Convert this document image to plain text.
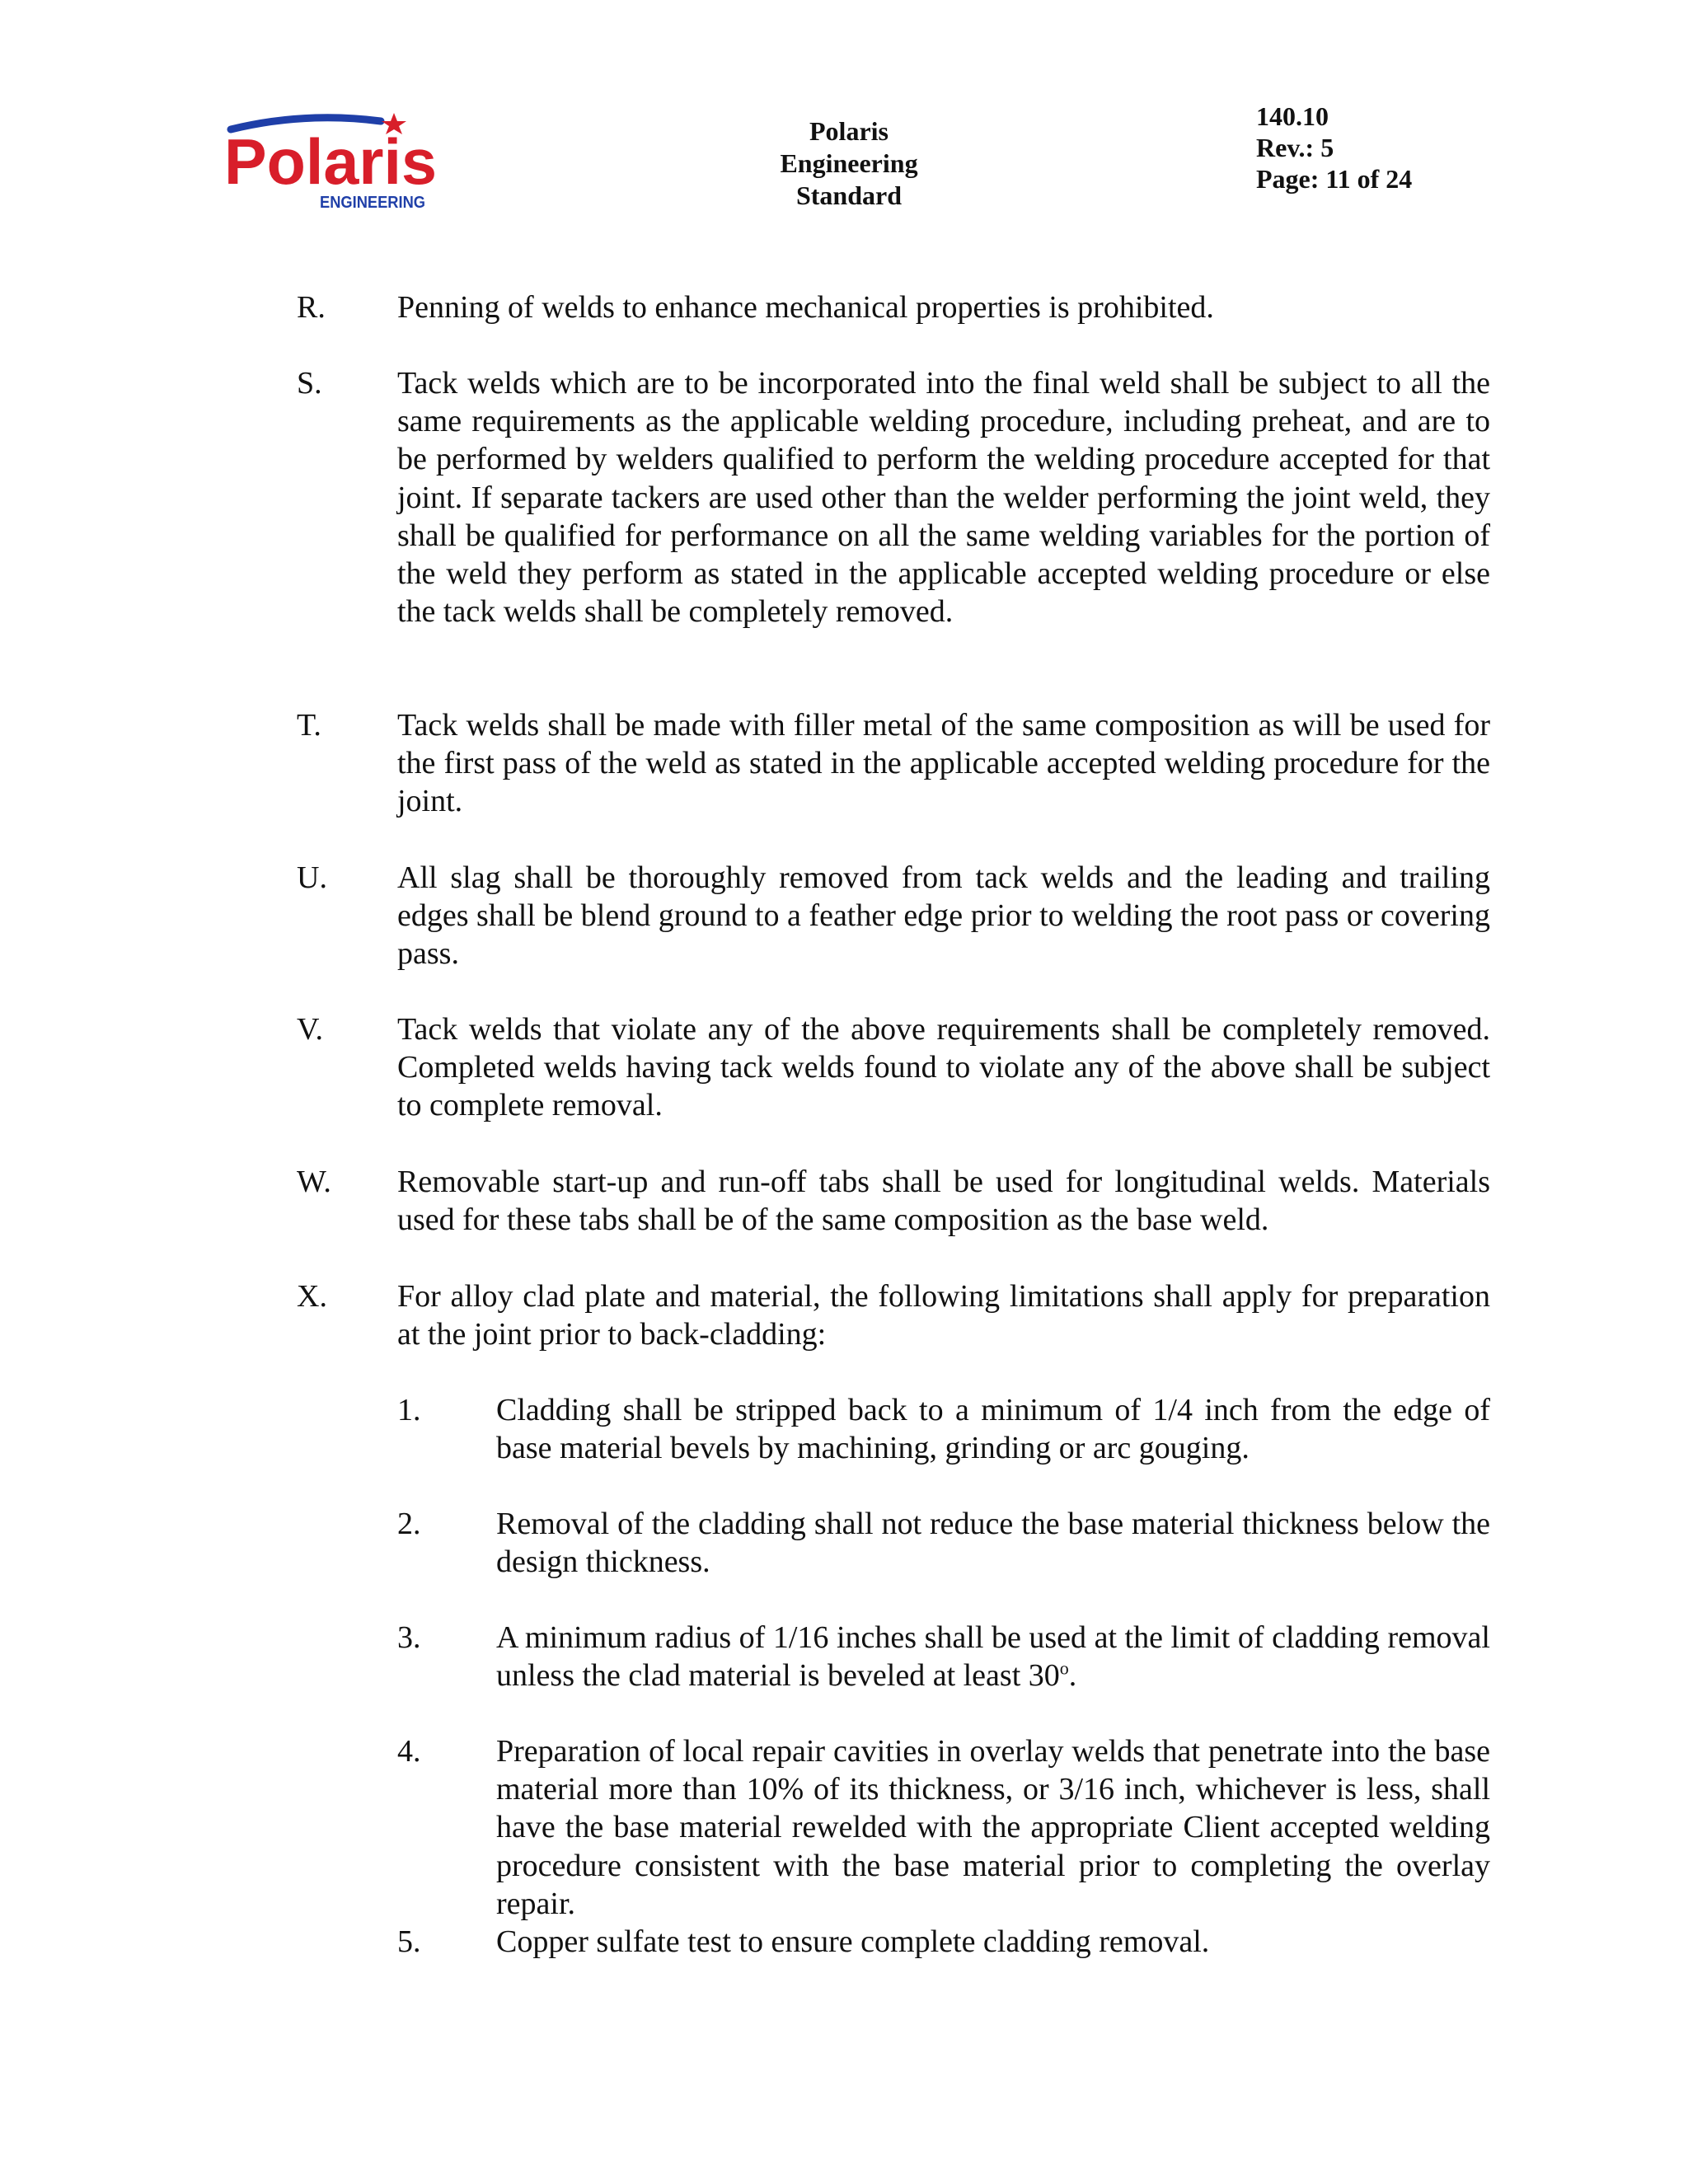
Polaris
ENGINEERING
Polaris
Engineering
Standard
140.10
Rev.: 5
Page: 11 of 24
R. Penning of welds to enhance mechanical properties is prohibited.
S. Tack welds which are to be incorporated into the final weld shall be subject to all the same requirements as the applicable welding procedure, including preheat, and are to be performed by welders qualified to perform the welding procedure accepted for that joint. If separate tackers are used other than the welder performing the joint weld, they shall be qualified for performance on all the same welding variables for the portion of the weld they perform as stated in the applicable accepted welding procedure or else the tack welds shall be completely removed.
T. Tack welds shall be made with filler metal of the same composition as will be used for the first pass of the weld as stated in the applicable accepted welding procedure for the joint.
U. All slag shall be thoroughly removed from tack welds and the leading and trailing edges shall be blend ground to a feather edge prior to welding the root pass or covering pass.
V. Tack welds that violate any of the above requirements shall be completely removed. Completed welds having tack welds found to violate any of the above shall be subject to complete removal.
W. Removable start-up and run-off tabs shall be used for longitudinal welds. Materials used for these tabs shall be of the same composition as the base weld.
X. For alloy clad plate and material, the following limitations shall apply for preparation at the joint prior to back-cladding:
1. Cladding shall be stripped back to a minimum of 1/4 inch from the edge of base material bevels by machining, grinding or arc gouging.
2. Removal of the cladding shall not reduce the base material thickness below the design thickness.
3. A minimum radius of 1/16 inches shall be used at the limit of cladding removal unless the clad material is beveled at least 30$^o$.
4. Preparation of local repair cavities in overlay welds that penetrate into the base material more than 10% of its thickness, or 3/16 inch, whichever is less, shall have the base material rewelded with the appropriate Client accepted welding procedure consistent with the base material prior to completing the overlay repair.
5. Copper sulfate test to ensure complete cladding removal.
